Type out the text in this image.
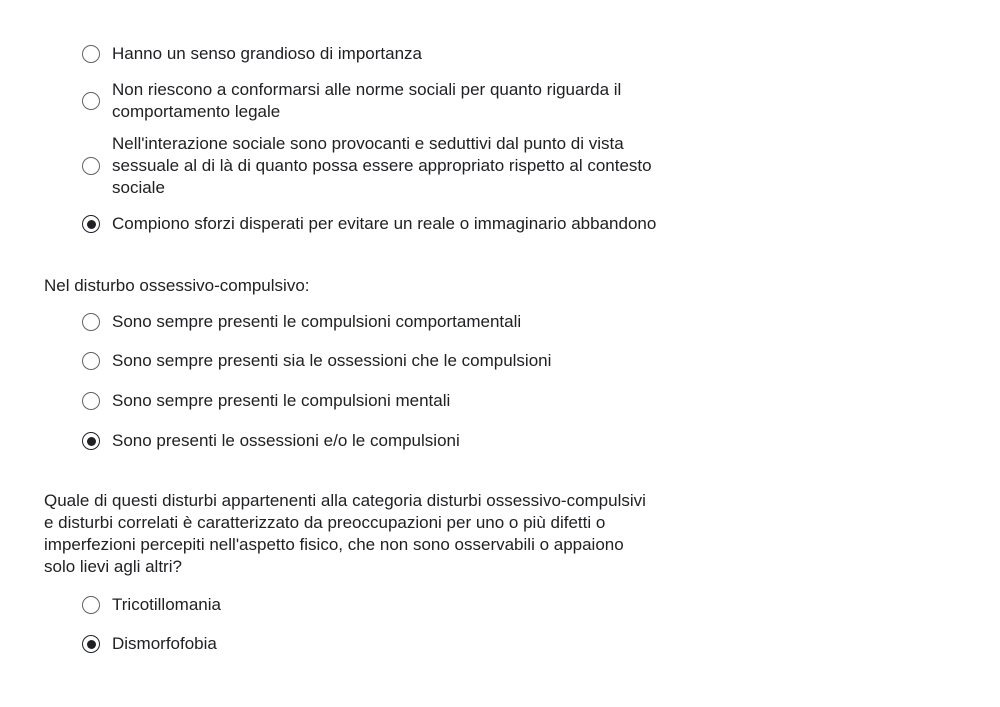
Hanno un senso grandioso di importanza
Non riescono a conformarsi alle norme sociali per quanto riguarda il
comportamento legale
Nell'interazione sociale sono provocanti e seduttivi dal punto di vista
sessuale al di là di quanto possa essere appropriato rispetto al contesto
sociale
Compiono sforzi disperati per evitare un reale o immaginario abbandono
Nel disturbo ossessivo-compulsivo:
Sono sempre presenti le compulsioni comportamentali
Sono sempre presenti sia le ossessioni che le compulsioni
Sono sempre presenti le compulsioni mentali
Sono presenti le ossessioni e/o le compulsioni
Quale di questi disturbi appartenenti alla categoria disturbi ossessivo-compulsivi
e disturbi correlati è caratterizzato da preoccupazioni per uno o più difetti o
imperfezioni percepiti nell'aspetto fisico, che non sono osservabili o appaiono
solo lievi agli altri?
Tricotillomania
Dismorfofobia
